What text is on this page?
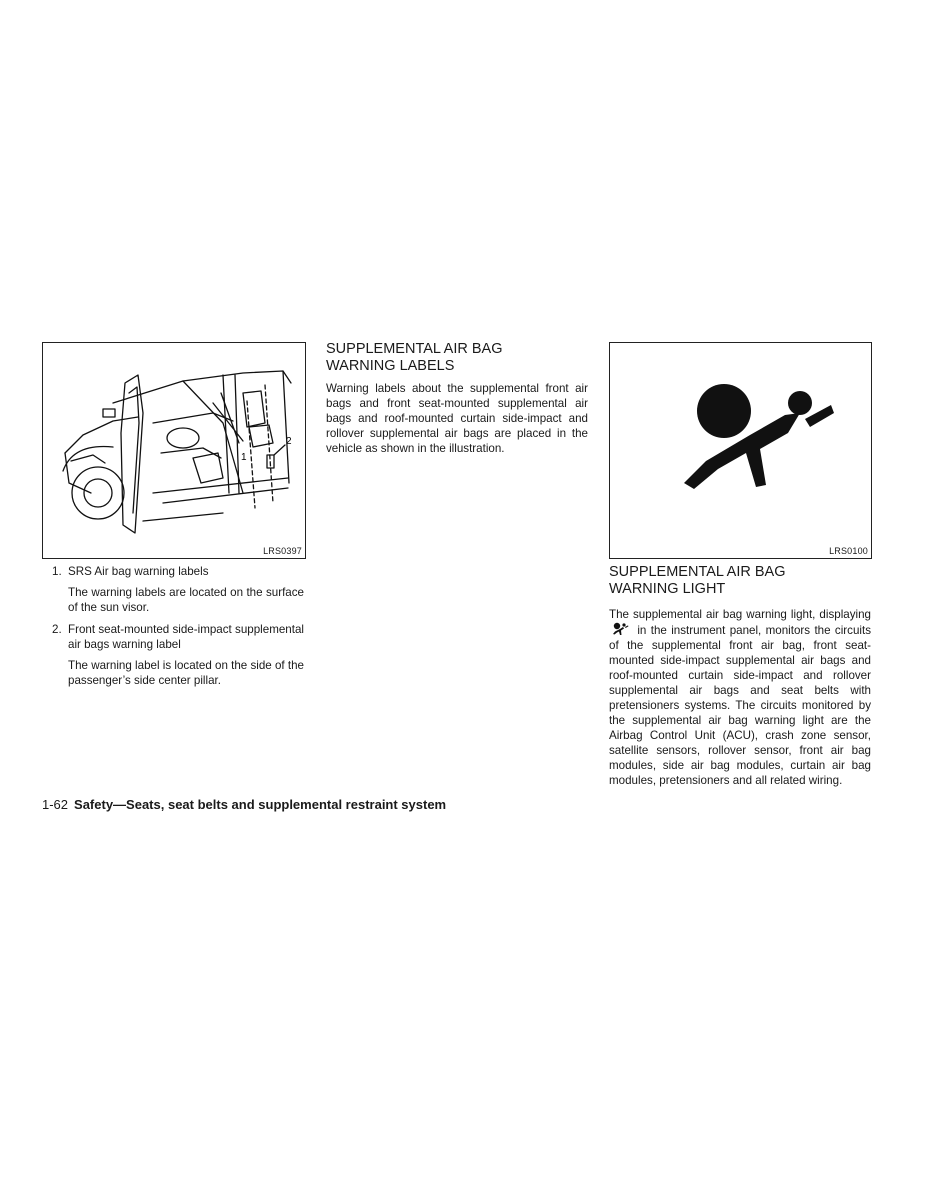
1
2
LRS0397
1. SRS Air bag warning labels
The warning labels are located on the surface of the sun visor.
2. Front seat-mounted side-impact supplemental air bags warning label
The warning label is located on the side of the passenger’s side center pillar.
SUPPLEMENTAL AIR BAG
WARNING LABELS
Warning labels about the supplemental front air bags and front seat-mounted supplemental air bags and roof-mounted curtain side-impact and rollover supplemental air bags are placed in the vehicle as shown in the illustration.
LRS0100
SUPPLEMENTAL AIR BAG
WARNING LIGHT
The supplemental air bag warning light, displaying  in the instrument panel, monitors the circuits of the supplemental front air bag, front seat-mounted side-impact supplemental air bags and roof-mounted curtain side-impact and rollover supplemental air bags and seat belts with pretensioners systems. The circuits monitored by the supplemental air bag warning light are the Airbag Control Unit (ACU), crash zone sensor, satellite sensors, rollover sensor, front air bag modules, side air bag modules, curtain air bag modules, pretensioners and all related wiring.
1-62 Safety—Seats, seat belts and supplemental restraint system
